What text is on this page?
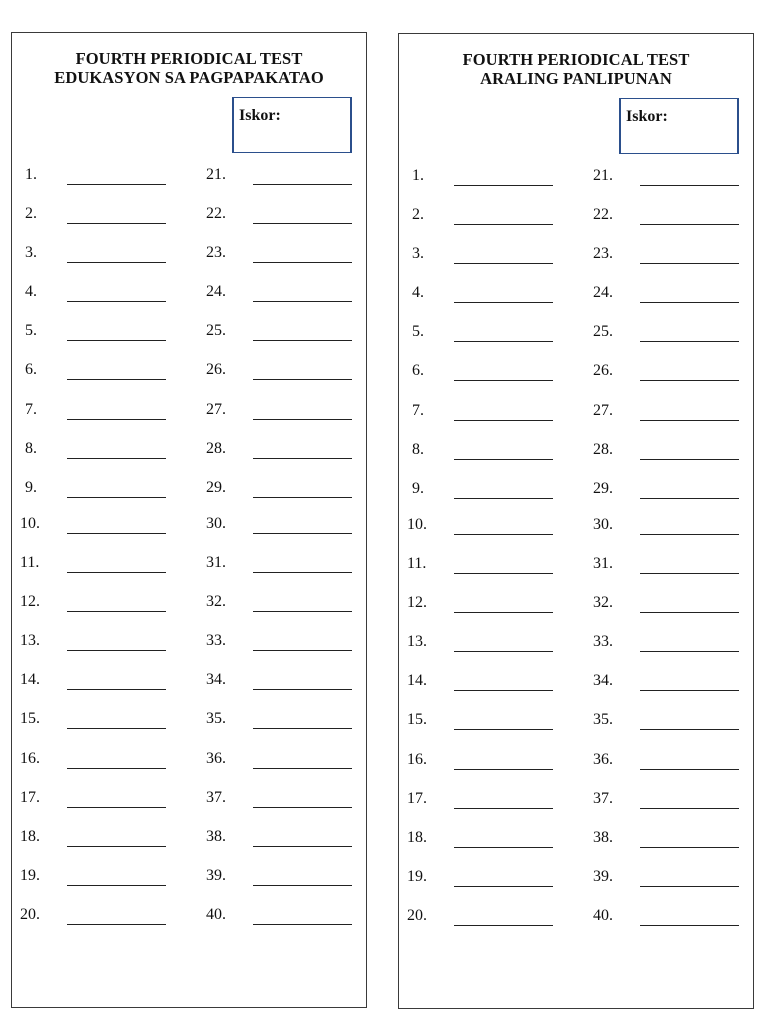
FOURTH PERIODICAL TEST
EDUKASYON SA PAGPAPAKATAO
Iskor:
1.	21.
2.	22.
3.	23.
4.	24.
5.	25.
6.	26.
7.	27.
8.	28.
9.	29.
10.	30.
11.	31.
12.	32.
13.	33.
14.	34.
15.	35.
16.	36.
17.	37.
18.	38.
19.	39.
20.	40.
FOURTH PERIODICAL TEST
ARALING PANLIPUNAN
Iskor:
1.	21.
2.	22.
3.	23.
4.	24.
5.	25.
6.	26.
7.	27.
8.	28.
9.	29.
10.	30.
11.	31.
12.	32.
13.	33.
14.	34.
15.	35.
16.	36.
17.	37.
18.	38.
19.	39.
20.	40.
